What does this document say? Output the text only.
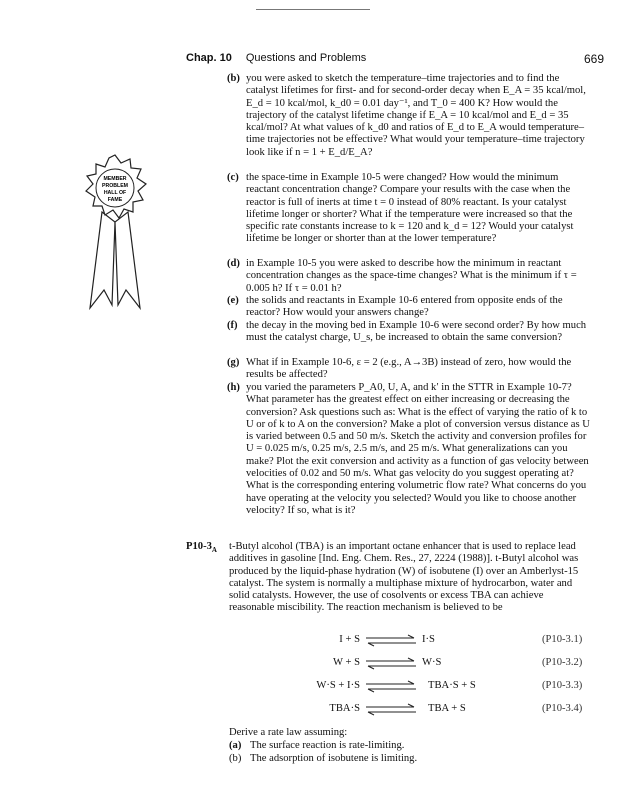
Chap. 10 Questions and Problems	669
MEMBER
PROBLEM
HALL OF
FAME
(b) you were asked to sketch the temperature–time trajectories and to find the catalyst lifetimes for first- and for second-order decay when E_A = 35 kcal/mol, E_d = 10 kcal/mol, k_d0 = 0.01 day⁻¹, and T_0 = 400 K? How would the trajectory of the catalyst lifetime change if E_A = 10 kcal/mol and E_d = 35 kcal/mol? At what values of k_d0 and ratios of E_d to E_A would temperature–time trajectories not be effective? What would your temperature–time trajectory look like if n = 1 + E_d/E_A?
(c) the space-time in Example 10-5 were changed? How would the minimum reactant concentration change? Compare your results with the case when the reactor is full of inerts at time t = 0 instead of 80% reactant. Is your catalyst lifetime longer or shorter? What if the temperature were increased so that the specific rate constants increase to k = 120 and k_d = 12? Would your catalyst lifetime be longer or shorter than at the lower temperature?
(d) in Example 10-5 you were asked to describe how the minimum in reactant concentration changes as the space-time changes? What is the minimum if τ = 0.005 h? If τ = 0.01 h?
(e) the solids and reactants in Example 10-6 entered from opposite ends of the reactor? How would your answers change?
(f) the decay in the moving bed in Example 10-6 were second order? By how much must the catalyst charge, U_s, be increased to obtain the same conversion?
(g) What if in Example 10-6, ε = 2 (e.g., A→3B) instead of zero, how would the results be affected?
(h) you varied the parameters P_A0, U, A, and k′ in the STTR in Example 10-7? What parameter has the greatest effect on either increasing or decreasing the conversion? Ask questions such as: What is the effect of varying the ratio of k to U or of k to A on the conversion? Make a plot of conversion versus distance as U is varied between 0.5 and 50 m/s. Sketch the activity and conversion profiles for U = 0.025 m/s, 0.25 m/s, 2.5 m/s, and 25 m/s. What generalizations can you make? Plot the exit conversion and activity as a function of gas velocity between velocities of 0.02 and 50 m/s. What gas velocity do you suggest operating at? What is the corresponding entering volumetric flow rate? What concerns do you have operating at the velocity you selected? Would you like to choose another velocity? If so, what is it?
$P10-3_A$ t-Butyl alcohol (TBA) is an important octane enhancer that is used to replace lead additives in gasoline [Ind. Eng. Chem. Res., 27, 2224 (1988)]. t-Butyl alcohol was produced by the liquid-phase hydration (W) of isobutene (I) over an Amberlyst-15 catalyst. The system is normally a multiphase mixture of hydrocarbon, water and solid catalysts. However, the use of cosolvents or excess TBA can achieve reasonable miscibility. The reaction mechanism is believed to be
I + S ⇌ I·S	(P10-3.1)
W + S ⇌ W·S	(P10-3.2)
W·S + I·S ⇌ TBA·S + S	(P10-3.3)
TBA·S ⇌ TBA + S	(P10-3.4)
Derive a rate law assuming:
(a) The surface reaction is rate-limiting.
(b) The adsorption of isobutene is limiting.
